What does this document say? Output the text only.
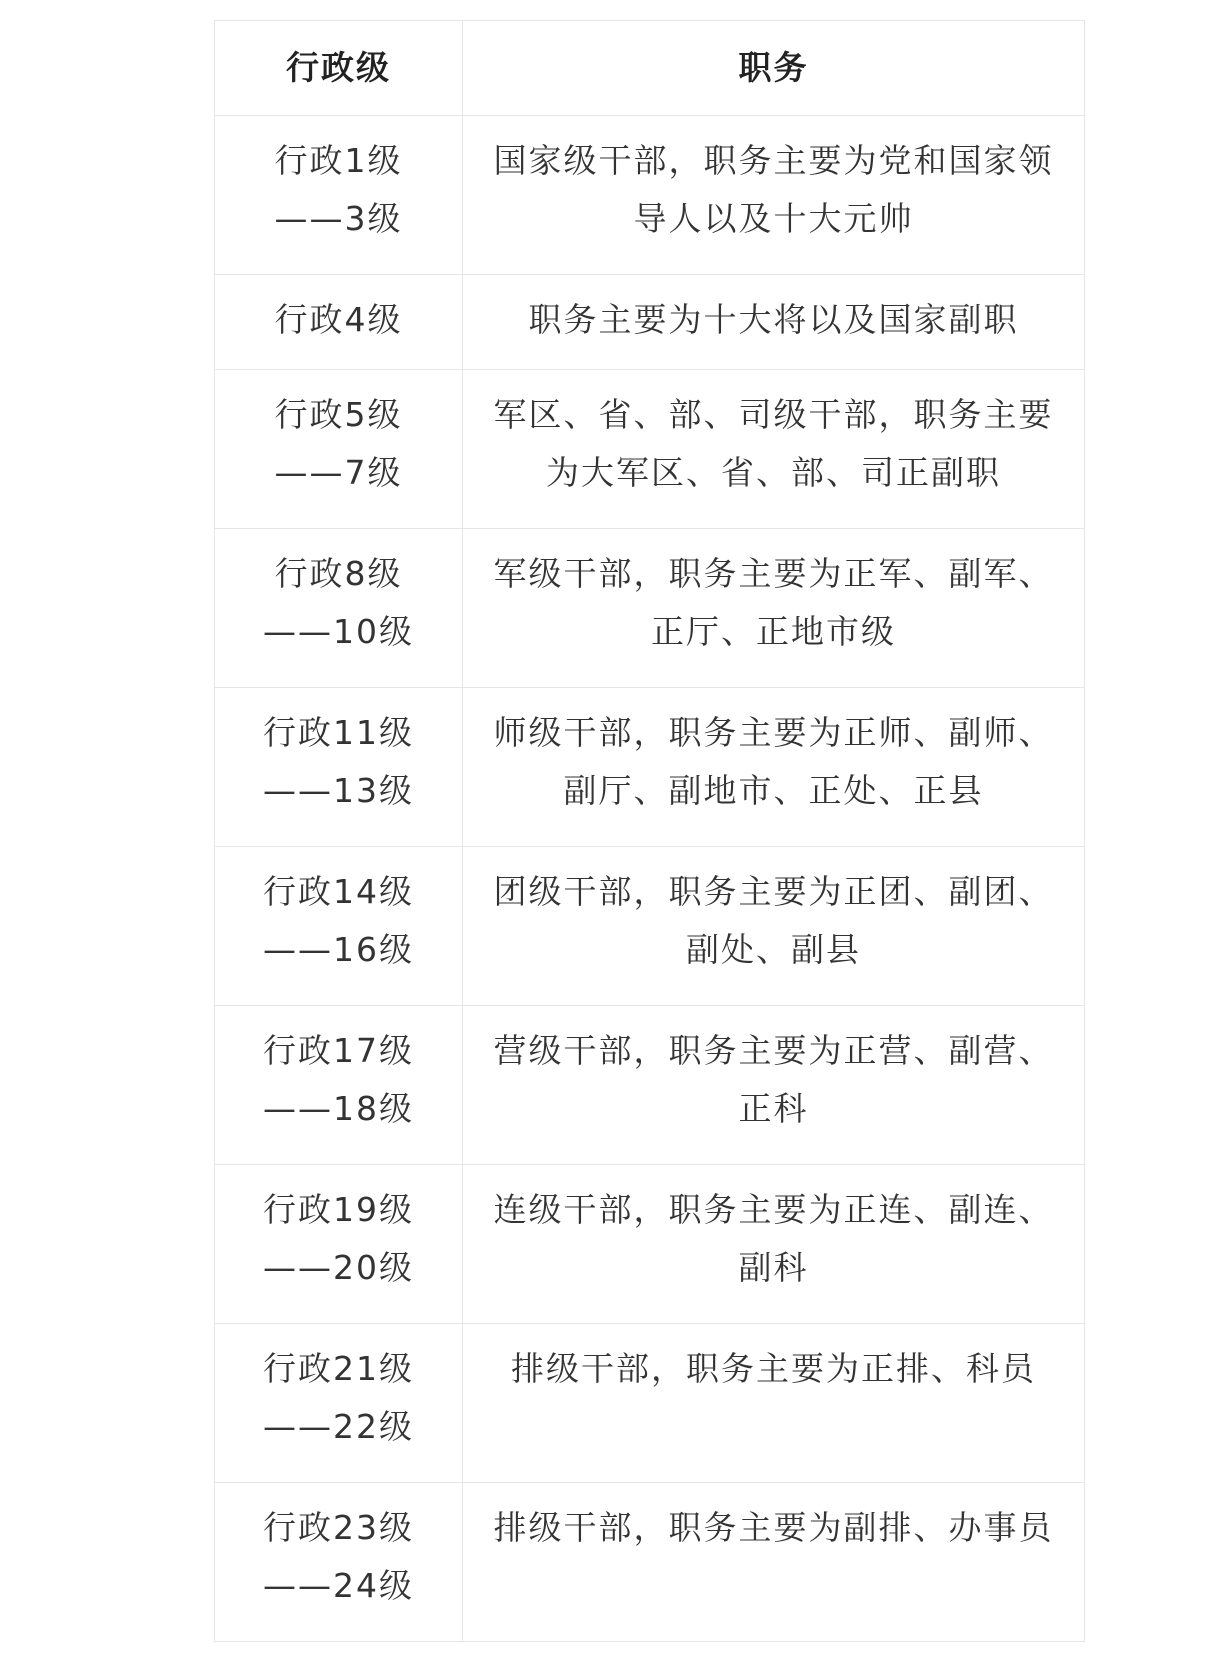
行政级	职务

行政1级
——3级	国家级干部，职务主要为党和国家领导人以及十大元帅

行政4级	职务主要为十大将以及国家副职

行政5级
——7级	军区、省、部、司级干部，职务主要为大军区、省、部、司正副职

行政8级
——10级	军级干部，职务主要为正军、副军、正厅、正地市级

行政11级
——13级	师级干部，职务主要为正师、副师、副厅、副地市、正处、正县

行政14级
——16级	团级干部，职务主要为正团、副团、副处、副县

行政17级
——18级	营级干部，职务主要为正营、副营、正科

行政19级
——20级	连级干部，职务主要为正连、副连、副科

行政21级
——22级	排级干部，职务主要为正排、科员

行政23级
——24级	排级干部，职务主要为副排、办事员
